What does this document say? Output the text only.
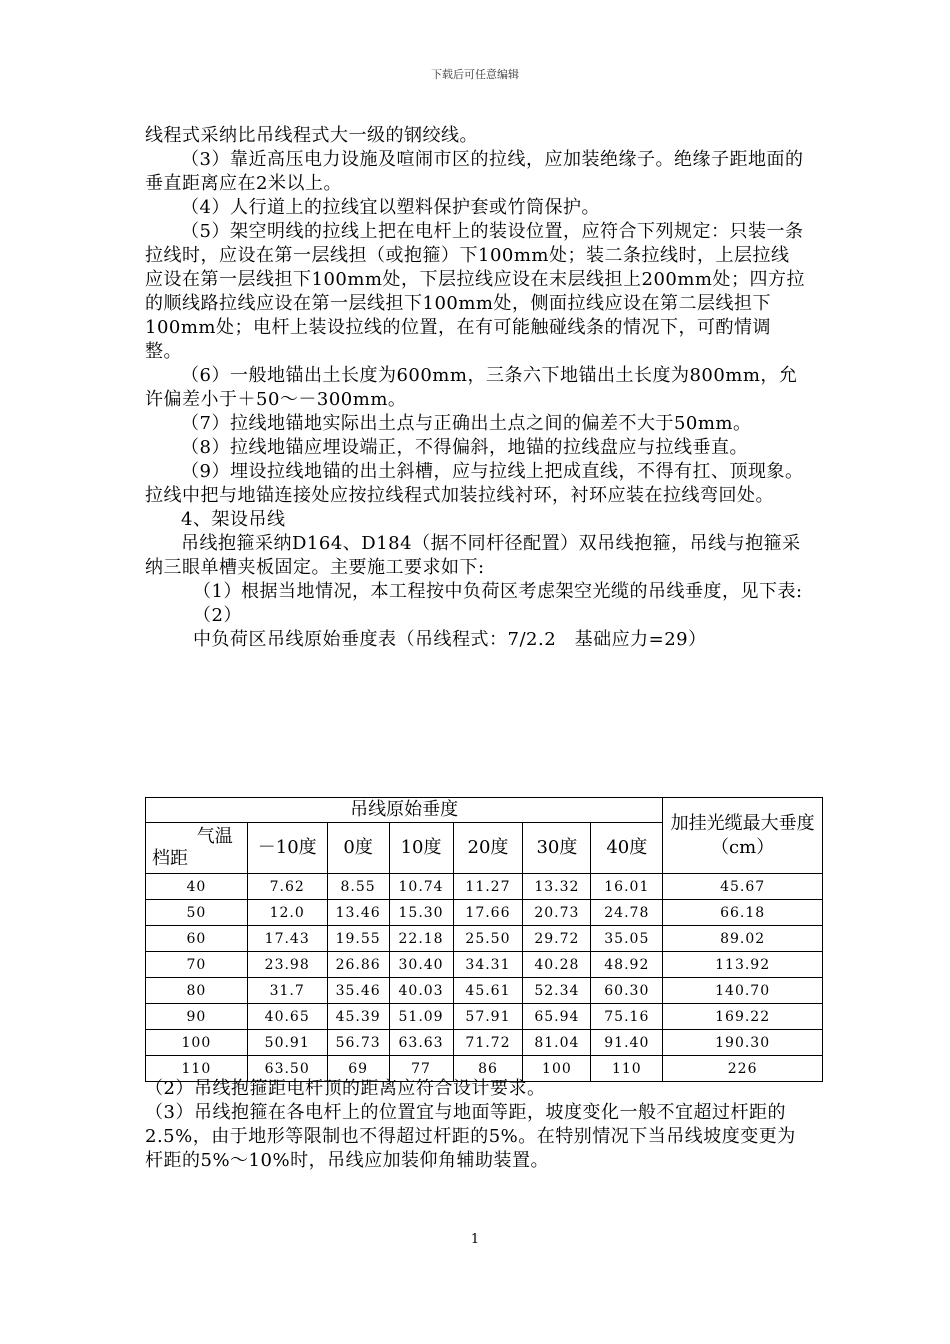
下载后可任意编辑

线程式采纳比吊线程式大一级的钢绞线。

（3）靠近高压电力设施及喧闹市区的拉线，应加装绝缘子。绝缘子距地面的垂直距离应在2米以上。

（4）人行道上的拉线宜以塑料保护套或竹筒保护。

（5）架空明线的拉线上把在电杆上的装设位置，应符合下列规定：只装一条拉线时，应设在第一层线担（或抱箍）下100mm处；装二条拉线时，上层拉线应设在第一层线担下100mm处，下层拉线应设在末层线担上200mm处；四方拉的顺线路拉线应设在第一层线担下100mm处，侧面拉线应设在第二层线担下100mm处；电杆上装设拉线的位置，在有可能触碰线条的情况下，可酌情调整。

（6）一般地锚出土长度为600mm，三条六下地锚出土长度为800mm，允许偏差小于＋50～－300mm。

（7）拉线地锚地实际出土点与正确出土点之间的偏差不大于50mm。

（8）拉线地锚应埋设端正，不得偏斜，地锚的拉线盘应与拉线垂直。

（9）埋设拉线地锚的出土斜槽，应与拉线上把成直线，不得有扛、顶现象。拉线中把与地锚连接处应按拉线程式加装拉线衬环，衬环应装在拉线弯回处。

4、架设吊线

吊线抱箍采纳D164、D184（据不同杆径配置）双吊线抱箍，吊线与抱箍采纳三眼单槽夹板固定。主要施工要求如下:

（1） 根据当地情况，本工程按中负荷区考虑架空光缆的吊线垂度，见下表:
（2）

中负荷区吊线原始垂度表（吊线程式：7/2.2　基础应力=29）

吊线原始垂度							加挂光缆最大垂度（cm）

气温
档距	－10度	0度	10度	20度	30度	40度	
40	7.62	8.55	10.74	11.27	13.32	16.01	45.67
50	12.0	13.46	15.30	17.66	20.73	24.78	66.18
60	17.43	19.55	22.18	25.50	29.72	35.05	89.02
70	23.98	26.86	30.40	34.31	40.28	48.92	113.92
80	31.7	35.46	40.03	45.61	52.34	60.30	140.70
90	40.65	45.39	51.09	57.91	65.94	75.16	169.22
100	50.91	56.73	63.63	71.72	81.04	91.40	190.30
110	63.50	69	77	86	100	110	226

（2）吊线抱箍距电杆顶的距离应符合设计要求。

（3）吊线抱箍在各电杆上的位置宜与地面等距，坡度变化一般不宜超过杆距的2.5%，由于地形等限制也不得超过杆距的5%。在特别情况下当吊线坡度变更为杆距的5%～10%时，吊线应加装仰角辅助装置。

1
